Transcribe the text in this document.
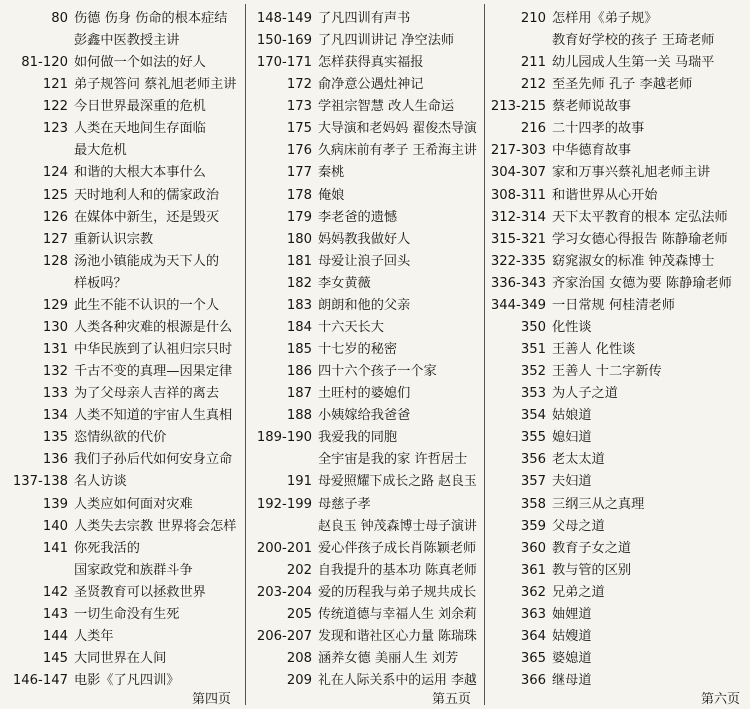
80 伤德 伤身 伤命的根本症结
彭鑫中医教授主讲
81-120 如何做一个如法的好人
121 弟子规答问 蔡礼旭老师主讲
122 今日世界最深重的危机
123 人类在天地间生存面临
最大危机
124 和谐的大根大本事什么
125 天时地利人和的儒家政治
126 在媒体中新生，还是毁灭
127 重新认识宗教
128 汤池小镇能成为天下人的
样板吗？
129 此生不能不认识的一个人
130 人类各种灾难的根源是什么
131 中华民族到了认祖归宗只时
132 千古不变的真理—因果定律
133 为了父母亲人吉祥的离去
134 人类不知道的宇宙人生真相
135 恣情纵欲的代价
136 我们子孙后代如何安身立命
137-138 名人访谈
139 人类应如何面对灾难
140 人类失去宗教 世界将会怎样
141 你死我活的
国家政党和族群斗争
142 圣贤教育可以拯救世界
143 一切生命没有生死
144 人类年
145 大同世界在人间
146-147 电影《了凡四训》
148-149 了凡四训有声书
150-169 了凡四训讲记 净空法师
170-171 怎样获得真实福报
172 俞净意公遇灶神记
173 学祖宗智慧 改人生命运
175 大导演和老妈妈 翟俊杰导演
176 久病床前有孝子 王希海主讲
177 秦桃
178 俺娘
179 李老爸的遗憾
180 妈妈教我做好人
181 母爱让浪子回头
182 李女黄薇
183 朗朗和他的父亲
184 十六天长大
185 十七岁的秘密
186 四十六个孩子一个家
187 土旺村的婆媳们
188 小姨嫁给我爸爸
189-190 我爱我的同胞
全宇宙是我的家 许哲居士
191 母爱照耀下成长之路 赵良玉
192-199 母慈子孝
赵良玉 钟茂森博士母子演讲
200-201 爱心伴孩子成长肖陈颖老师
202 自我提升的基本功 陈真老师
203-204 爱的历程我与弟子规共成长
205 传统道德与幸福人生 刘余莉
206-207 发现和谐社区心力量 陈瑞珠
208 涵养女德 美丽人生 刘芳
209 礼在人际关系中的运用 李越
210 怎样用《弟子规》
教育好学校的孩子 王琦老师
211 幼儿园成人生第一关 马瑞平
212 至圣先师 孔子 李越老师
213-215 蔡老师说故事
216 二十四孝的故事
217-303 中华德育故事
304-307 家和万事兴蔡礼旭老师主讲
308-311 和谐世界从心开始
312-314 天下太平教育的根本 定弘法师
315-321 学习女德心得报告 陈静瑜老师
322-335 窈窕淑女的标准 钟茂森博士
336-343 齐家治国 女德为要 陈静瑜老师
344-349 一日常规 何桂清老师
350 化性谈
351 王善人 化性谈
352 王善人 十二字新传
353 为人子之道
354 姑娘道
355 媳妇道
356 老太太道
357 夫妇道
358 三纲三从之真理
359 父母之道
360 教育子女之道
361 教与管的区别
362 兄弟之道
363 妯娌道
364 姑嫂道
365 婆媳道
366 继母道
第四页	第五页	第六页
